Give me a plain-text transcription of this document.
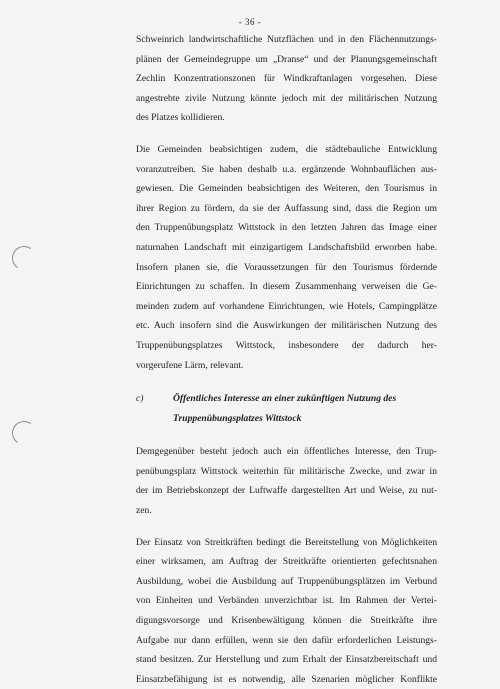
- 36 -
Schweinrich landwirtschaftliche Nutzflächen und in den Flächennutzungs-
plänen der Gemeindegruppe um „Dranse“ und der Planungsgemeinschaft
Zechlin Konzentrationszonen für Windkraftanlagen vorgesehen. Diese
angestrebte zivile Nutzung könnte jedoch mit der militärischen Nutzung
des Platzes kollidieren.
Die Gemeinden beabsichtigen zudem, die städtebauliche Entwicklung
voranzutreiben. Sie haben deshalb u.a. ergänzende Wohnbauflächen aus-
gewiesen. Die Gemeinden beabsichtigen des Weiteren, den Tourismus in
ihrer Region zu fördern, da sie der Auffassung sind, dass die Region um
den Truppenübungsplatz Wittstock in den letzten Jahren das Image einer
naturnahen Landschaft mit einzigartigem Landschaftsbild erworben habe.
Insofern planen sie, die Voraussetzungen für den Tourismus fördernde
Einrichtungen zu schaffen. In diesem Zusammenhang verweisen die Ge-
meinden zudem auf vorhandene Einrichtungen, wie Hotels, Campingplätze
etc. Auch insofern sind die Auswirkungen der militärischen Nutzung des
Truppenübungsplatzes Wittstock, insbesondere der dadurch her-
vorgerufene Lärm, relevant.
c)	Öffentliches Interesse an einer zukünftigen Nutzung des
Truppenübungsplatzes Wittstock
Demgegenüber besteht jedoch auch ein öffentliches Interesse, den Trup-
penübungsplatz Wittstock weiterhin für militärische Zwecke, und zwar in
der im Betriebskonzept der Luftwaffe dargestellten Art und Weise, zu nut-
zen.
Der Einsatz von Streitkräften bedingt die Bereitstellung von Möglichkeiten
einer wirksamen, am Auftrag der Streitkräfte orientierten gefechtsnahen
Ausbildung, wobei die Ausbildung auf Truppenübungsplätzen im Verbund
von Einheiten und Verbänden unverzichtbar ist. Im Rahmen der Vertei-
digungsvorsorge und Krisenbewältigung können die Streitkräfte ihre
Aufgabe nur dann erfüllen, wenn sie den dafür erforderlichen Leistungs-
stand besitzen. Zur Herstellung und zum Erhalt der Einsatzbereitschaft und
Einsatzbefähigung ist es notwendig, alle Szenarien möglicher Konflikte
